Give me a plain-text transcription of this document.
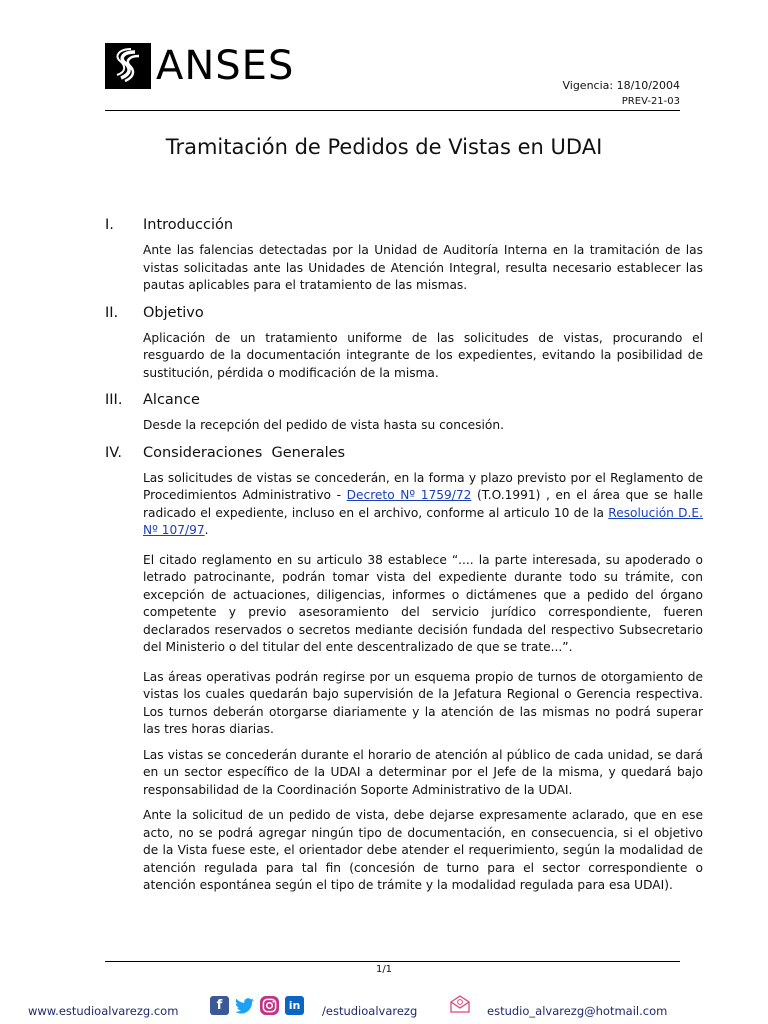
ANSES	Vigencia: 18/10/2004
PREV-21-03
Tramitación de Pedidos de Vistas en UDAI
I.	Introducción

Ante las falencias detectadas por la Unidad de Auditoría Interna en la tramitación de las vistas solicitadas ante las Unidades de Atención Integral, resulta necesario establecer las pautas aplicables para el tratamiento de las mismas.

II.	Objetivo

Aplicación de un tratamiento uniforme de las solicitudes de vistas, procurando el resguardo de la documentación integrante de los expedientes, evitando la posibilidad de sustitución, pérdida o modificación de la misma.

III.	Alcance

Desde la recepción del pedido de vista hasta su concesión.

IV.	Consideraciones  Generales

Las solicitudes de vistas se concederán, en la forma y plazo previsto por el Reglamento de Procedimientos Administrativo - Decreto Nº 1759/72 (T.O.1991) , en el área que se halle radicado el expediente, incluso en el archivo, conforme al articulo 10 de la Resolución D.E. Nº 107/97.

El citado reglamento en su articulo 38 establece “.... la parte interesada, su apoderado o letrado patrocinante, podrán tomar vista del expediente durante todo su trámite, con excepción de actuaciones, diligencias, informes o dictámenes que a pedido del órgano competente y previo asesoramiento del servicio jurídico correspondiente, fueren declarados reservados o secretos mediante decisión fundada del respectivo Subsecretario del Ministerio o del titular del ente descentralizado de que se trate...”.

Las áreas operativas podrán regirse por un esquema propio de turnos de otorgamiento de vistas los cuales quedarán bajo supervisión de la Jefatura Regional o Gerencia respectiva. Los turnos deberán otorgarse diariamente y la atención de las mismas no podrá superar las tres horas diarias.

Las vistas se concederán durante el horario de atención al público de cada unidad, se dará en un sector específico de la UDAI a determinar por el Jefe de la misma, y quedará bajo responsabilidad de la Coordinación Soporte Administrativo de la UDAI.

Ante la solicitud de un pedido de vista, debe dejarse expresamente aclarado, que en ese acto, no se podrá agregar ningún tipo de documentación, en consecuencia, si el objetivo de la Vista fuese este, el orientador debe atender el requerimiento, según la modalidad de atención regulada para tal fin (concesión de turno para el sector correspondiente o atención espontánea según el tipo de trámite y la modalidad regulada para esa UDAI).

1/1
www.estudioalvarezg.com	f	in	/estudioalvarezg	estudio_alvarezg@hotmail.com
